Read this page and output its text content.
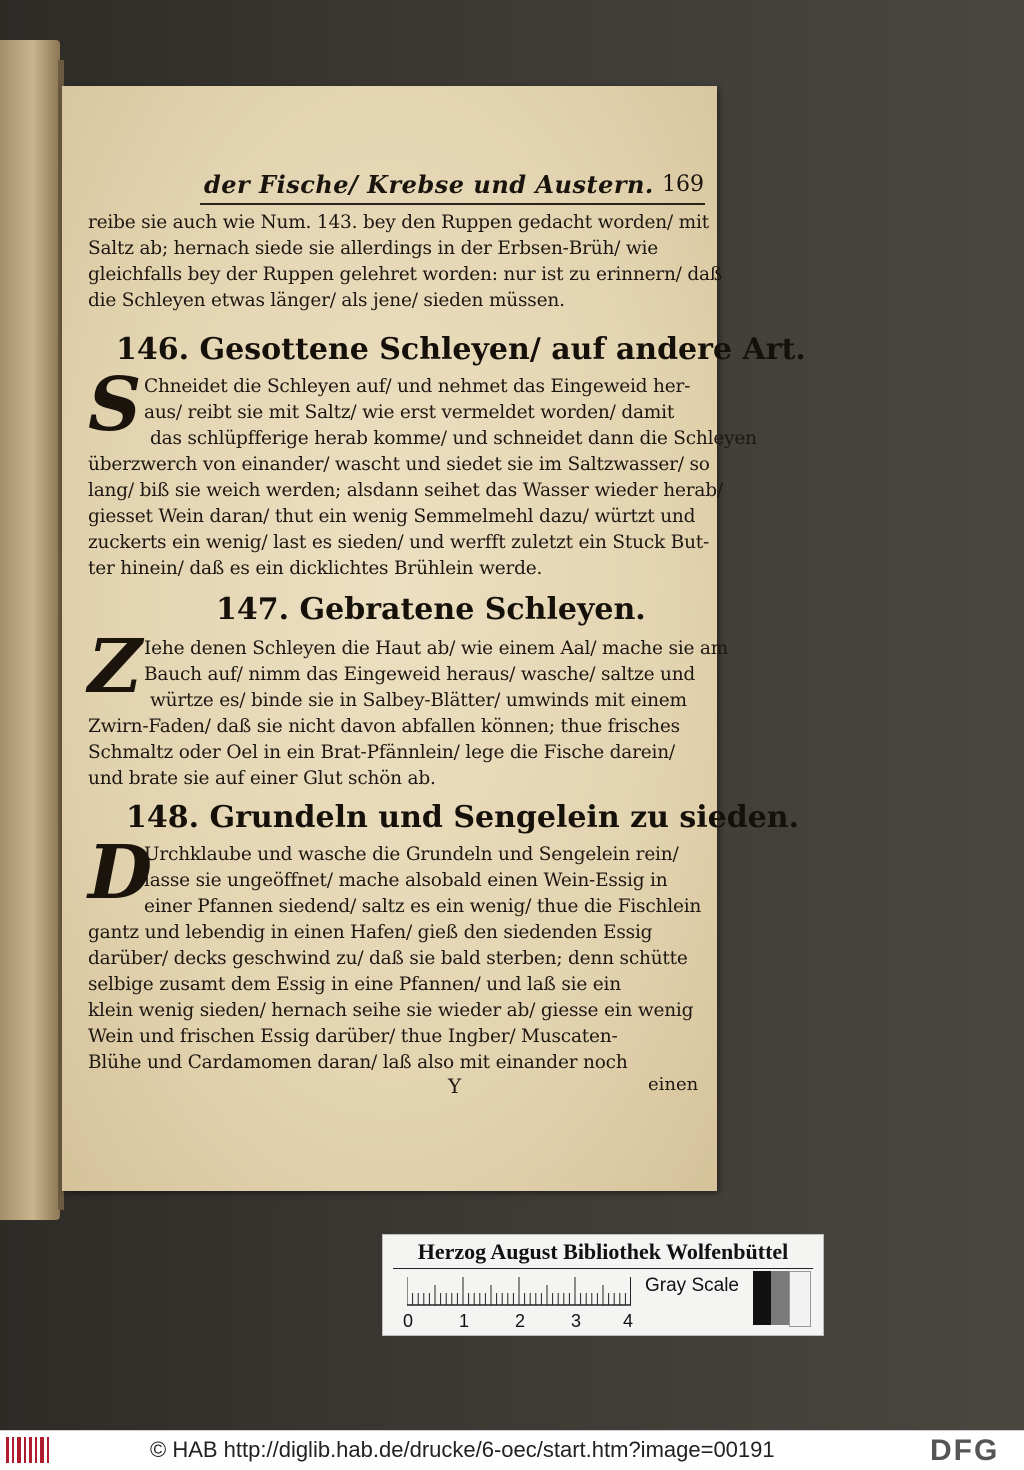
der Fische/ Krebse und Austern. 169
reibe sie auch wie Num. 143. bey den Ruppen gedacht worden/ mit
Saltz ab; hernach siede sie allerdings in der Erbsen-Brüh/ wie
gleichfalls bey der Ruppen gelehret worden: nur ist zu erinnern/ daß
die Schleyen etwas länger/ als jene/ sieden müssen.
146. Gesottene Schleyen/ auf andere Art.
S Chneidet die Schleyen auf/ und nehmet das Eingeweid her-
aus/ reibt sie mit Saltz/ wie erst vermeldet worden/ damit
das schlüpfferige herab komme/ und schneidet dann die Schleyen
überzwerch von einander/ wascht und siedet sie im Saltzwasser/ so
lang/ biß sie weich werden; alsdann seihet das Wasser wieder herab/
giesset Wein daran/ thut ein wenig Semmelmehl dazu/ würtzt und
zuckerts ein wenig/ last es sieden/ und werfft zuletzt ein Stuck But-
ter hinein/ daß es ein dicklichtes Brühlein werde.
147. Gebratene Schleyen.
Z Iehe denen Schleyen die Haut ab/ wie einem Aal/ mache sie am
Bauch auf/ nimm das Eingeweid heraus/ wasche/ saltze und
würtze es/ binde sie in Salbey-Blätter/ umwinds mit einem
Zwirn-Faden/ daß sie nicht davon abfallen können; thue frisches
Schmaltz oder Oel in ein Brat-Pfännlein/ lege die Fische darein/
und brate sie auf einer Glut schön ab.
148. Grundeln und Sengelein zu sieden.
D
Urchklaube und wasche die Grundeln und Sengelein rein/
lasse sie ungeöffnet/ mache alsobald einen Wein-Essig in
einer Pfannen siedend/ saltz es ein wenig/ thue die Fischlein
gantz und lebendig in einen Hafen/ gieß den siedenden Essig
darüber/ decks geschwind zu/ daß sie bald sterben; denn schütte
selbige zusamt dem Essig in eine Pfannen/ und laß sie ein
klein wenig sieden/ hernach seihe sie wieder ab/ giesse ein wenig
Wein und frischen Essig darüber/ thue Ingber/ Muscaten-
Blühe und Cardamomen daran/ laß also mit einander noch
Y	einen
Herzog August Bibliothek Wolfenbüttel
0	1	2	3 4
Gray Scale
© HAB http://diglib.hab.de/drucke/6-oec/start.htm?image=00191	DFG
